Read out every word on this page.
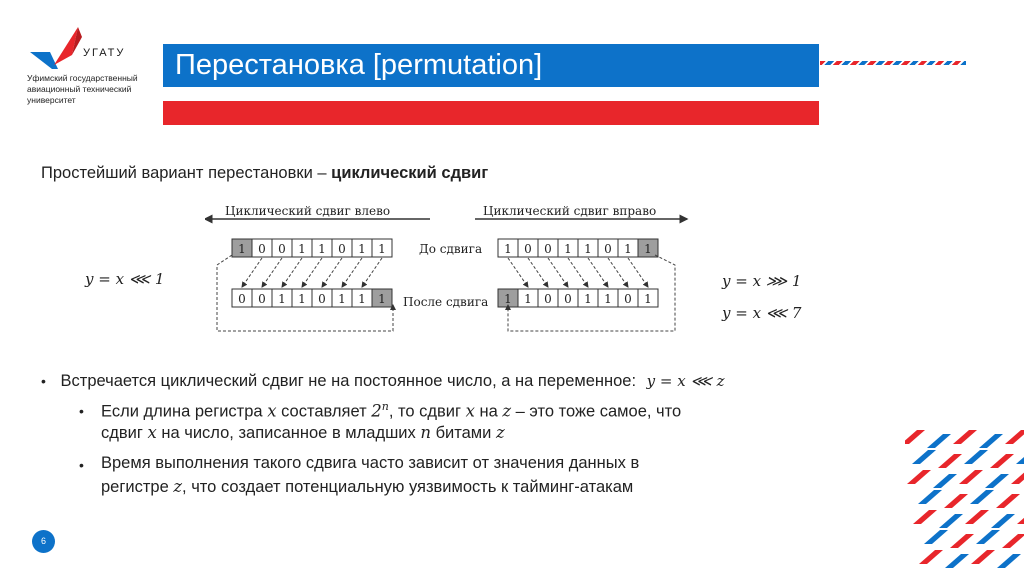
УГАТУ
Уфимский государственный
авиационный технический
университет
Перестановка [permutation]
Простейший вариант перестановки – циклический сдвиг
y = x ⋘ 1	y = x ⋙ 1
y = x ⋘ 7
Циклический сдвиг влево	Циклический сдвиг вправо
До сдвига
После сдвига
1 0 0 1 1 0 1 1
0 0 1 1 0 1 1 1
1 0 0 1 1 0 1 1
1 1 0 0 1 1 0 1
• Встречается циклический сдвиг не на постоянное число, а на переменное: y = x ⋘ z
• Если длина регистра x составляет 2$^n$, то сдвиг x на z – это тоже самое, что
сдвиг x на число, записанное в младших n битами z
• Время выполнения такого сдвига часто зависит от значения данных в
регистре z, что создает потенциальную уязвимость к тайминг-атакам
6
